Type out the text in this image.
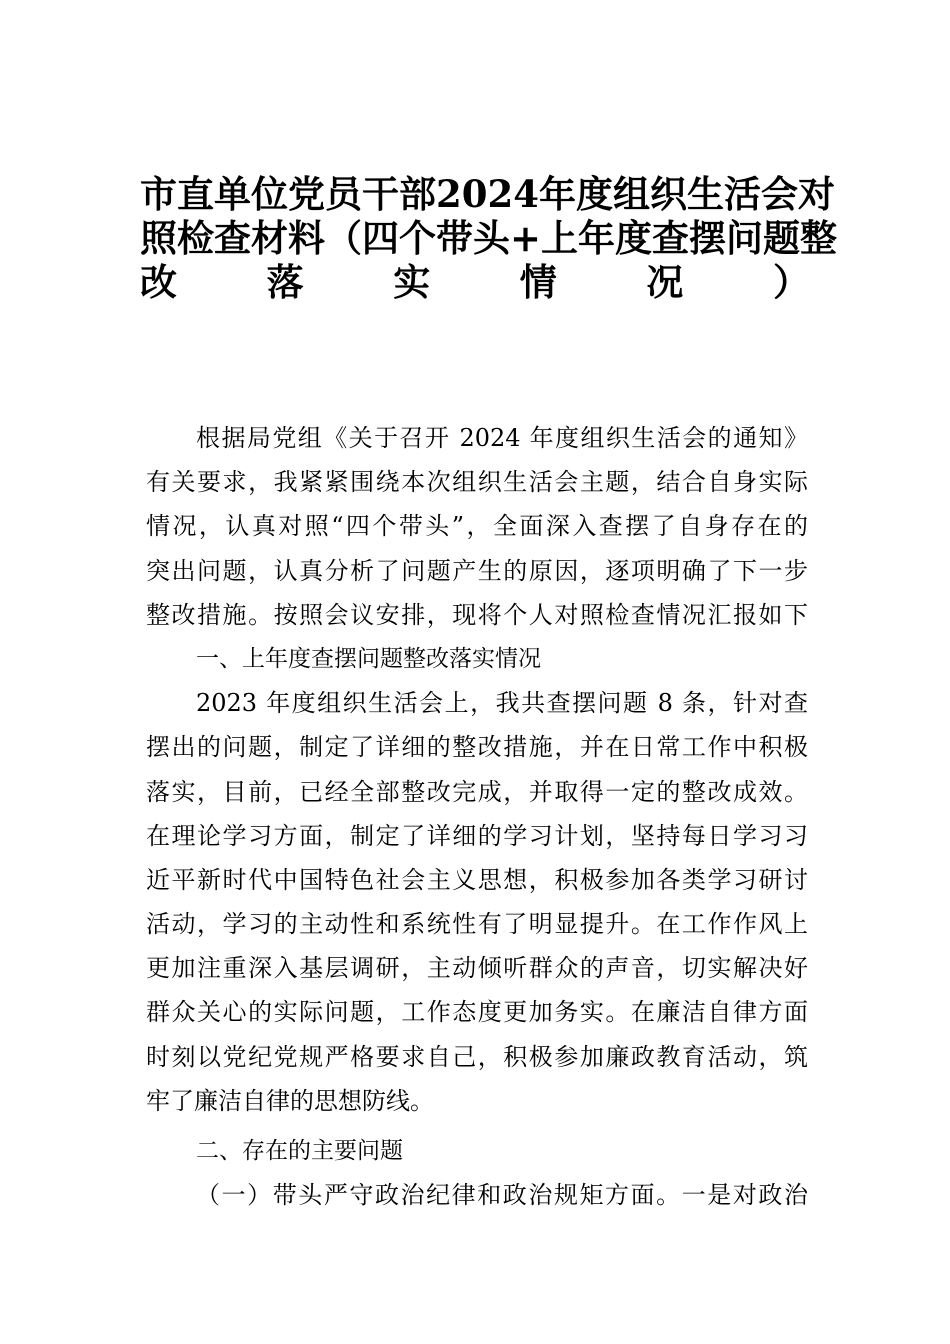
市直单位党员干部2024年度组织生活会对
照检查材料（四个带头+上年度查摆问题整
改落实情况）
根据局党组《关于召开 2024 年度组织生活会的通知》
有关要求，我紧紧围绕本次组织生活会主题，结合自身实际
情况，认真对照“四个带头”，全面深入查摆了自身存在的
突出问题，认真分析了问题产生的原因，逐项明确了下一步
整改措施。按照会议安排，现将个人对照检查情况汇报如下
一、上年度查摆问题整改落实情况
2023 年度组织生活会上，我共查摆问题 8 条，针对查
摆出的问题，制定了详细的整改措施，并在日常工作中积极
落实，目前，已经全部整改完成，并取得一定的整改成效。
在理论学习方面，制定了详细的学习计划，坚持每日学习习
近平新时代中国特色社会主义思想，积极参加各类学习研讨
活动，学习的主动性和系统性有了明显提升。在工作作风上
更加注重深入基层调研，主动倾听群众的声音，切实解决好
群众关心的实际问题，工作态度更加务实。在廉洁自律方面
时刻以党纪党规严格要求自己，积极参加廉政教育活动，筑
牢了廉洁自律的思想防线。
二、存在的主要问题
（一）带头严守政治纪律和政治规矩方面。一是对政治
